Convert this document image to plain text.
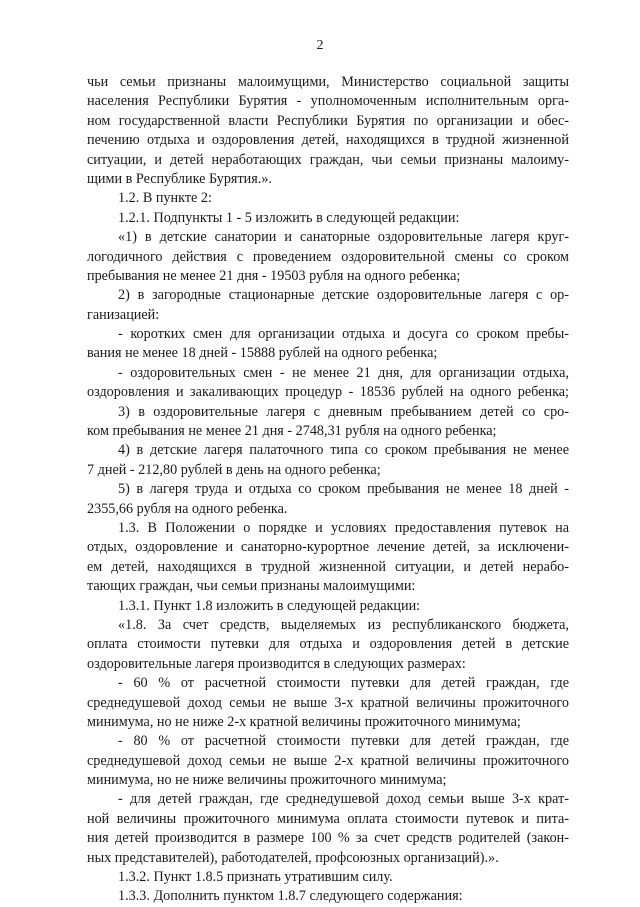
2
чьи семьи признаны малоимущими, Министерство социальной защиты
населения Республики Бурятия - уполномоченным исполнительным орга-
ном государственной власти Республики Бурятия по организации и обес-
печению отдыха и оздоровления детей, находящихся в трудной жизненной
ситуации, и детей неработающих граждан, чьи семьи признаны малоиму-
щими в Республике Бурятия.».
1.2. В пункте 2:
1.2.1. Подпункты 1 - 5 изложить в следующей редакции:
«1) в детские санатории и санаторные оздоровительные лагеря круг-
логодичного действия с проведением оздоровительной смены со сроком
пребывания не менее 21 дня - 19503 рубля на одного ребенка;
2) в загородные стационарные детские оздоровительные лагеря с ор-
ганизацией:
- коротких смен для организации отдыха и досуга со сроком пребы-
вания не менее 18 дней - 15888 рублей на одного ребенка;
- оздоровительных смен - не менее 21 дня, для организации отдыха,
оздоровления и закаливающих процедур - 18536 рублей на одного ребенка;
3) в оздоровительные лагеря с дневным пребыванием детей со сро-
ком пребывания не менее 21 дня - 2748,31 рубля на одного ребенка;
4) в детские лагеря палаточного типа со сроком пребывания не менее
7 дней - 212,80 рублей в день на одного ребенка;
5) в лагеря труда и отдыха со сроком пребывания не менее 18 дней -
2355,66 рубля на одного ребенка.
1.3. В Положении о порядке и условиях предоставления путевок на
отдых, оздоровление и санаторно-курортное лечение детей, за исключени-
ем детей, находящихся в трудной жизненной ситуации, и детей нерабо-
тающих граждан, чьи семьи признаны малоимущими:
1.3.1. Пункт 1.8 изложить в следующей редакции:
«1.8. За счет средств, выделяемых из республиканского бюджета,
оплата стоимости путевки для отдыха и оздоровления детей в детские
оздоровительные лагеря производится в следующих размерах:
- 60 % от расчетной стоимости путевки для детей граждан, где
среднедушевой доход семьи не выше 3-х кратной величины прожиточного
минимума, но не ниже 2-х кратной величины прожиточного минимума;
- 80 % от расчетной стоимости путевки для детей граждан, где
среднедушевой доход семьи не выше 2-х кратной величины прожиточного
минимума, но не ниже величины прожиточного минимума;
- для детей граждан, где среднедушевой доход семьи выше 3-х крат-
ной величины прожиточного минимума оплата стоимости путевок и пита-
ния детей производится в размере 100 % за счет средств родителей (закон-
ных представителей), работодателей, профсоюзных организаций).».
1.3.2. Пункт 1.8.5 признать утратившим силу.
1.3.3. Дополнить пунктом 1.8.7 следующего содержания:
